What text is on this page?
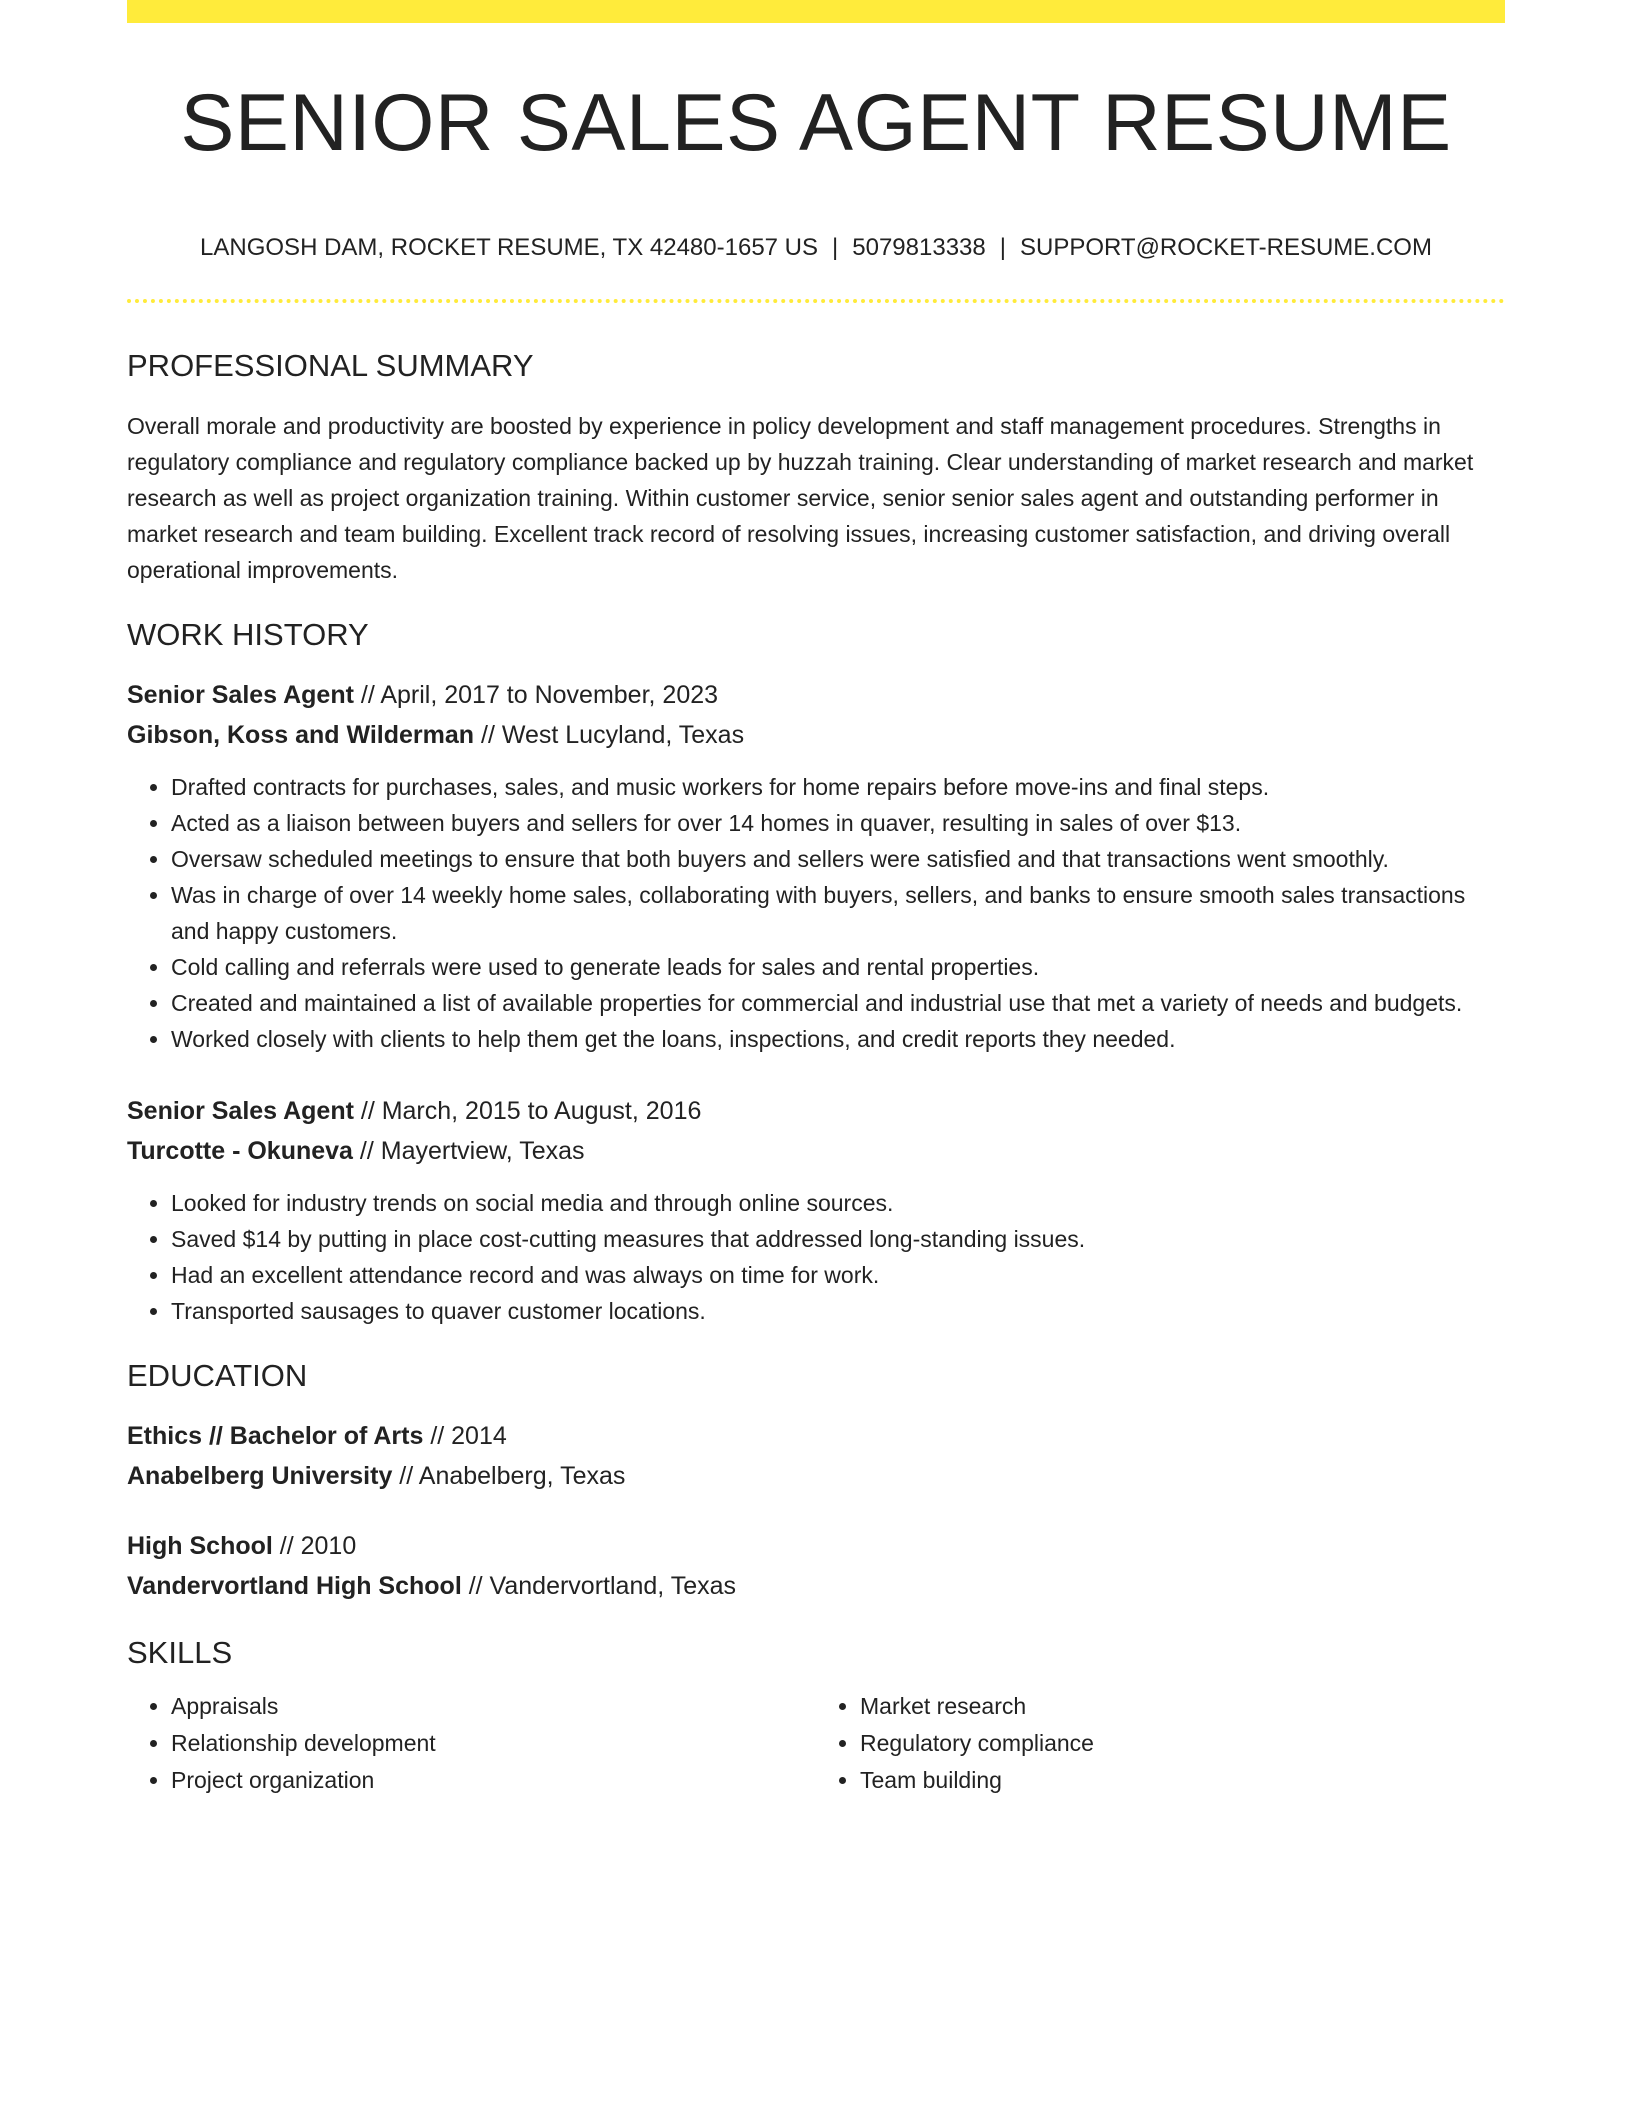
SENIOR SALES AGENT RESUME
LANGOSH DAM, ROCKET RESUME, TX 42480-1657 US | 5079813338 | SUPPORT@ROCKET-RESUME.COM
PROFESSIONAL SUMMARY

Overall morale and productivity are boosted by experience in policy development and staff management procedures. Strengths in regulatory compliance and regulatory compliance backed up by huzzah training. Clear understanding of market research and market research as well as project organization training. Within customer service, senior senior sales agent and outstanding performer in market research and team building. Excellent track record of resolving issues, increasing customer satisfaction, and driving overall operational improvements.

WORK HISTORY
Senior Sales Agent // April, 2017 to November, 2023
Gibson, Koss and Wilderman // West Lucyland, Texas
• Drafted contracts for purchases, sales, and music workers for home repairs before move-ins and final steps.
• Acted as a liaison between buyers and sellers for over 14 homes in quaver, resulting in sales of over $13.
• Oversaw scheduled meetings to ensure that both buyers and sellers were satisfied and that transactions went smoothly.
• Was in charge of over 14 weekly home sales, collaborating with buyers, sellers, and banks to ensure smooth sales transactions and happy customers.
• Cold calling and referrals were used to generate leads for sales and rental properties.
• Created and maintained a list of available properties for commercial and industrial use that met a variety of needs and budgets.
• Worked closely with clients to help them get the loans, inspections, and credit reports they needed.
Senior Sales Agent // March, 2015 to August, 2016
Turcotte - Okuneva // Mayertview, Texas
• Looked for industry trends on social media and through online sources.
• Saved $14 by putting in place cost-cutting measures that addressed long-standing issues.
• Had an excellent attendance record and was always on time for work.
• Transported sausages to quaver customer locations.
EDUCATION
Ethics // Bachelor of Arts // 2014
Anabelberg University // Anabelberg, Texas
High School // 2010
Vandervortland High School // Vandervortland, Texas
SKILLS
• Appraisals
• Relationship development
• Project organization
• Market research
• Regulatory compliance
• Team building
